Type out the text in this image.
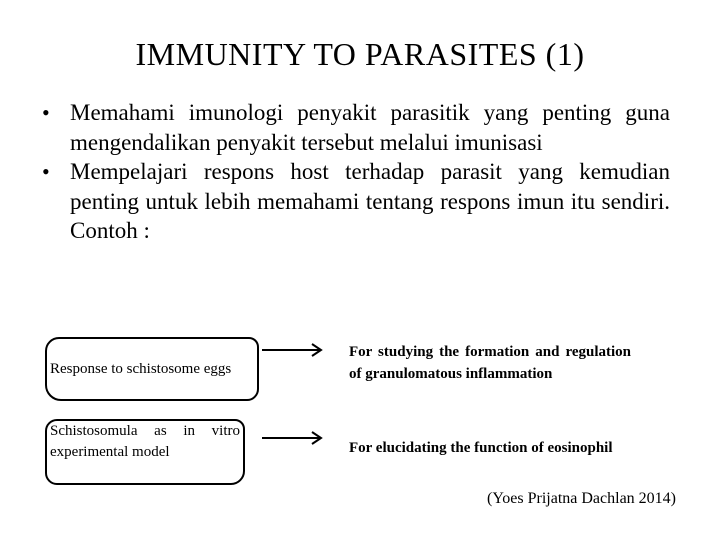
IMMUNITY TO PARASITES (1)
• Memahami imunologi penyakit parasitik yang penting guna mengendalikan penyakit tersebut melalui imunisasi
• Mempelajari respons host terhadap parasit yang kemudian penting untuk lebih memahami tentang respons imun itu sendiri. Contoh :
Response to schistosome eggs
For studying the formation and regulation of granulomatous inflammation
Schistosomula as in vitro experimental model	For elucidating the function of eosinophil
(Yoes Prijatna Dachlan 2014)
